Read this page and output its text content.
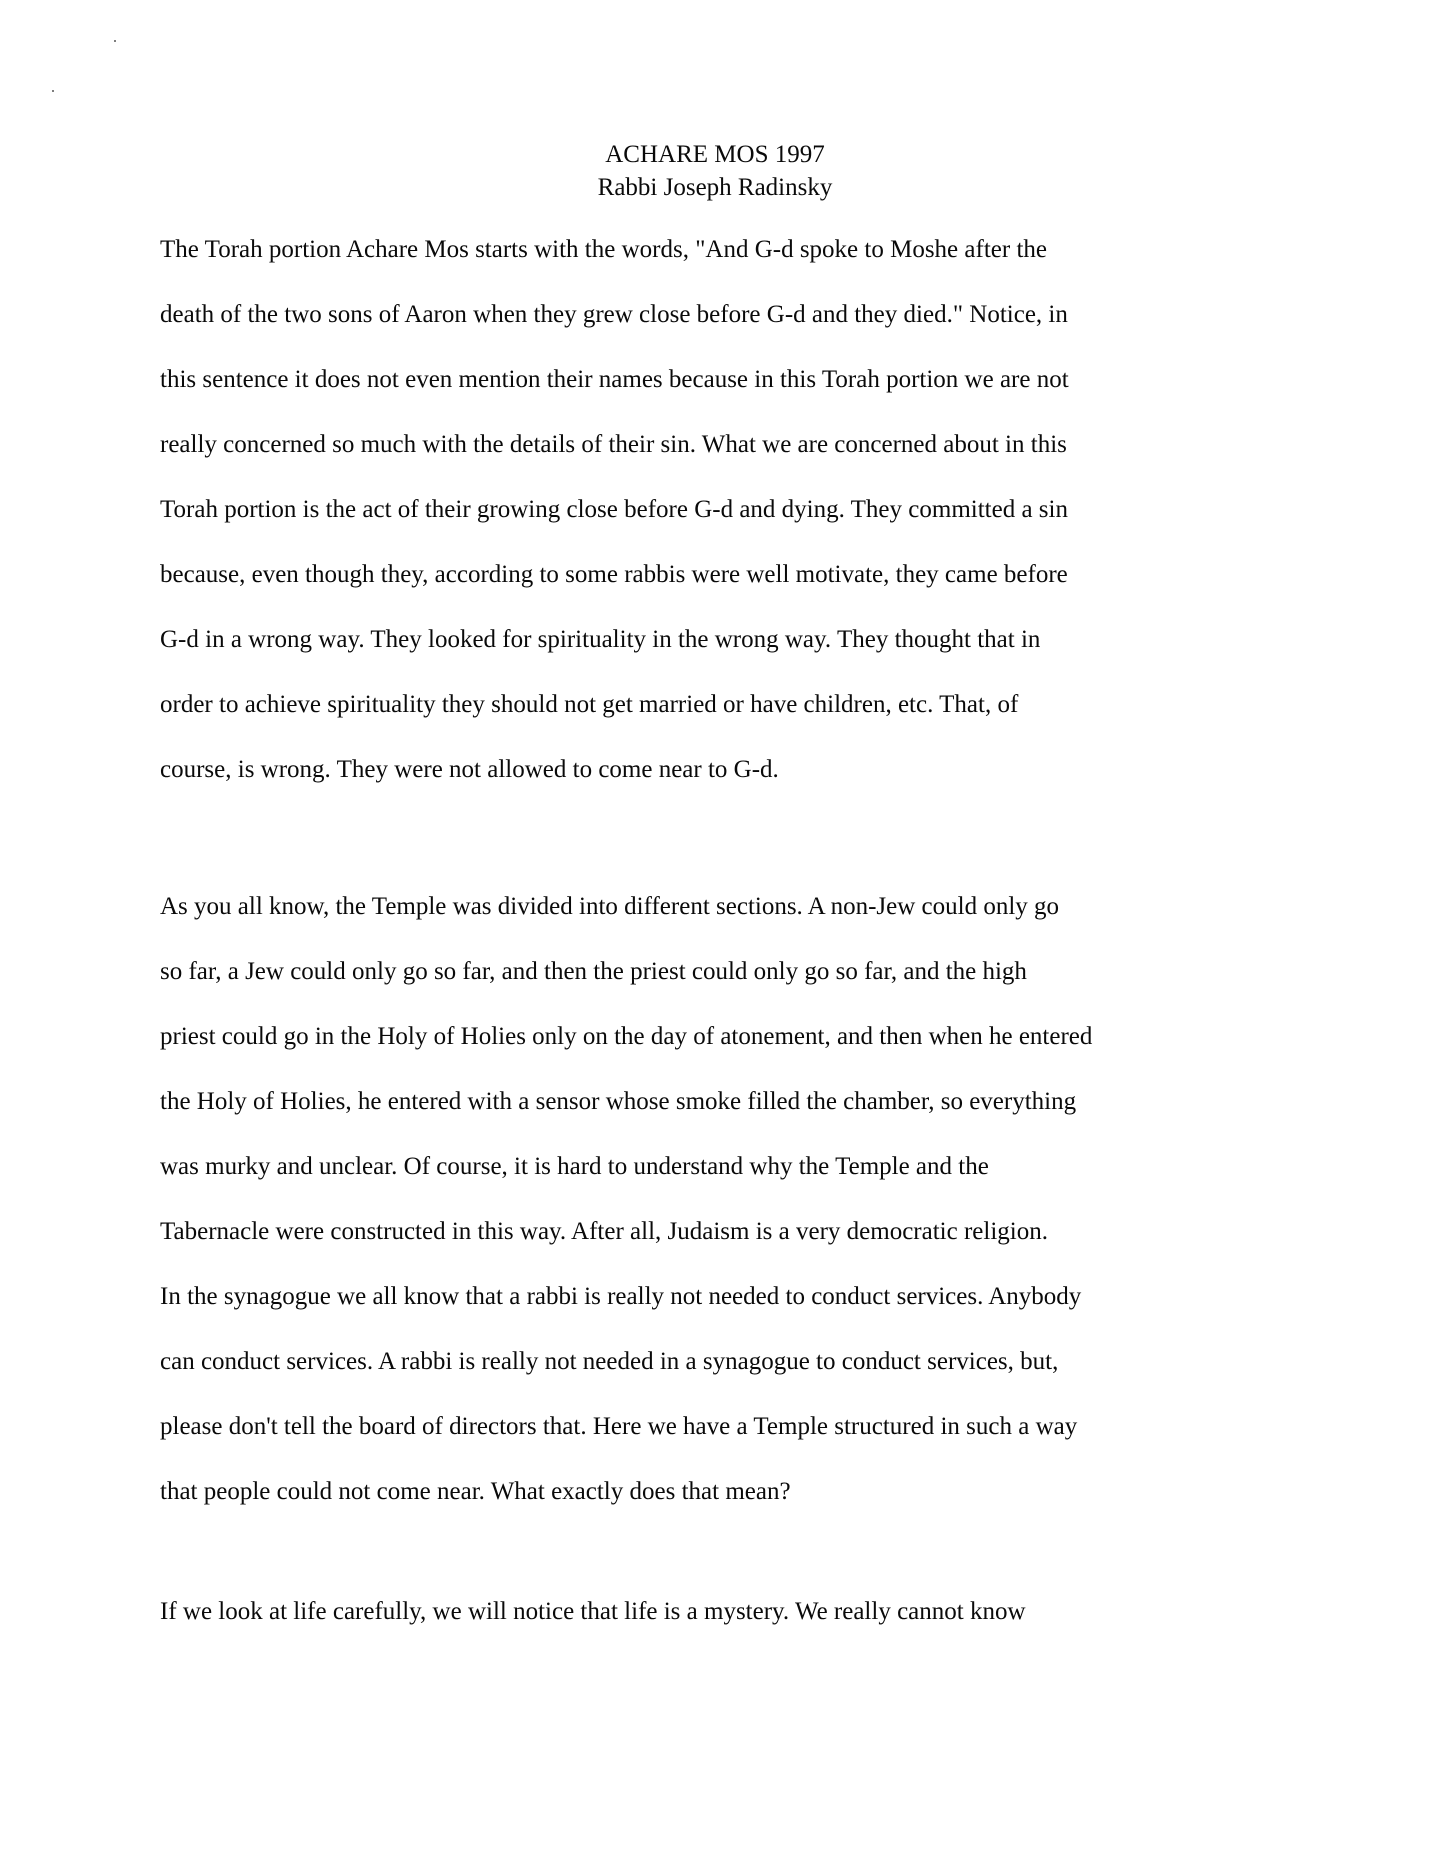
ACHARE MOS 1997
Rabbi Joseph Radinsky
The Torah portion Achare Mos starts with the words, "And G-d spoke to Moshe after the
death of the two sons of Aaron when they grew close before G-d and they died." Notice, in
this sentence it does not even mention their names because in this Torah portion we are not
really concerned so much with the details of their sin. What we are concerned about in this
Torah portion is the act of their growing close before G-d and dying. They committed a sin
because, even though they, according to some rabbis were well motivate, they came before
G-d in a wrong way. They looked for spirituality in the wrong way. They thought that in
order to achieve spirituality they should not get married or have children, etc. That, of
course, is wrong. They were not allowed to come near to G-d.
As you all know, the Temple was divided into different sections. A non-Jew could only go
so far, a Jew could only go so far, and then the priest could only go so far, and the high
priest could go in the Holy of Holies only on the day of atonement, and then when he entered
the Holy of Holies, he entered with a sensor whose smoke filled the chamber, so everything
was murky and unclear. Of course, it is hard to understand why the Temple and the
Tabernacle were constructed in this way. After all, Judaism is a very democratic religion.
In the synagogue we all know that a rabbi is really not needed to conduct services. Anybody
can conduct services. A rabbi is really not needed in a synagogue to conduct services, but,
please don't tell the board of directors that. Here we have a Temple structured in such a way
that people could not come near. What exactly does that mean?
If we look at life carefully, we will notice that life is a mystery. We really cannot know
